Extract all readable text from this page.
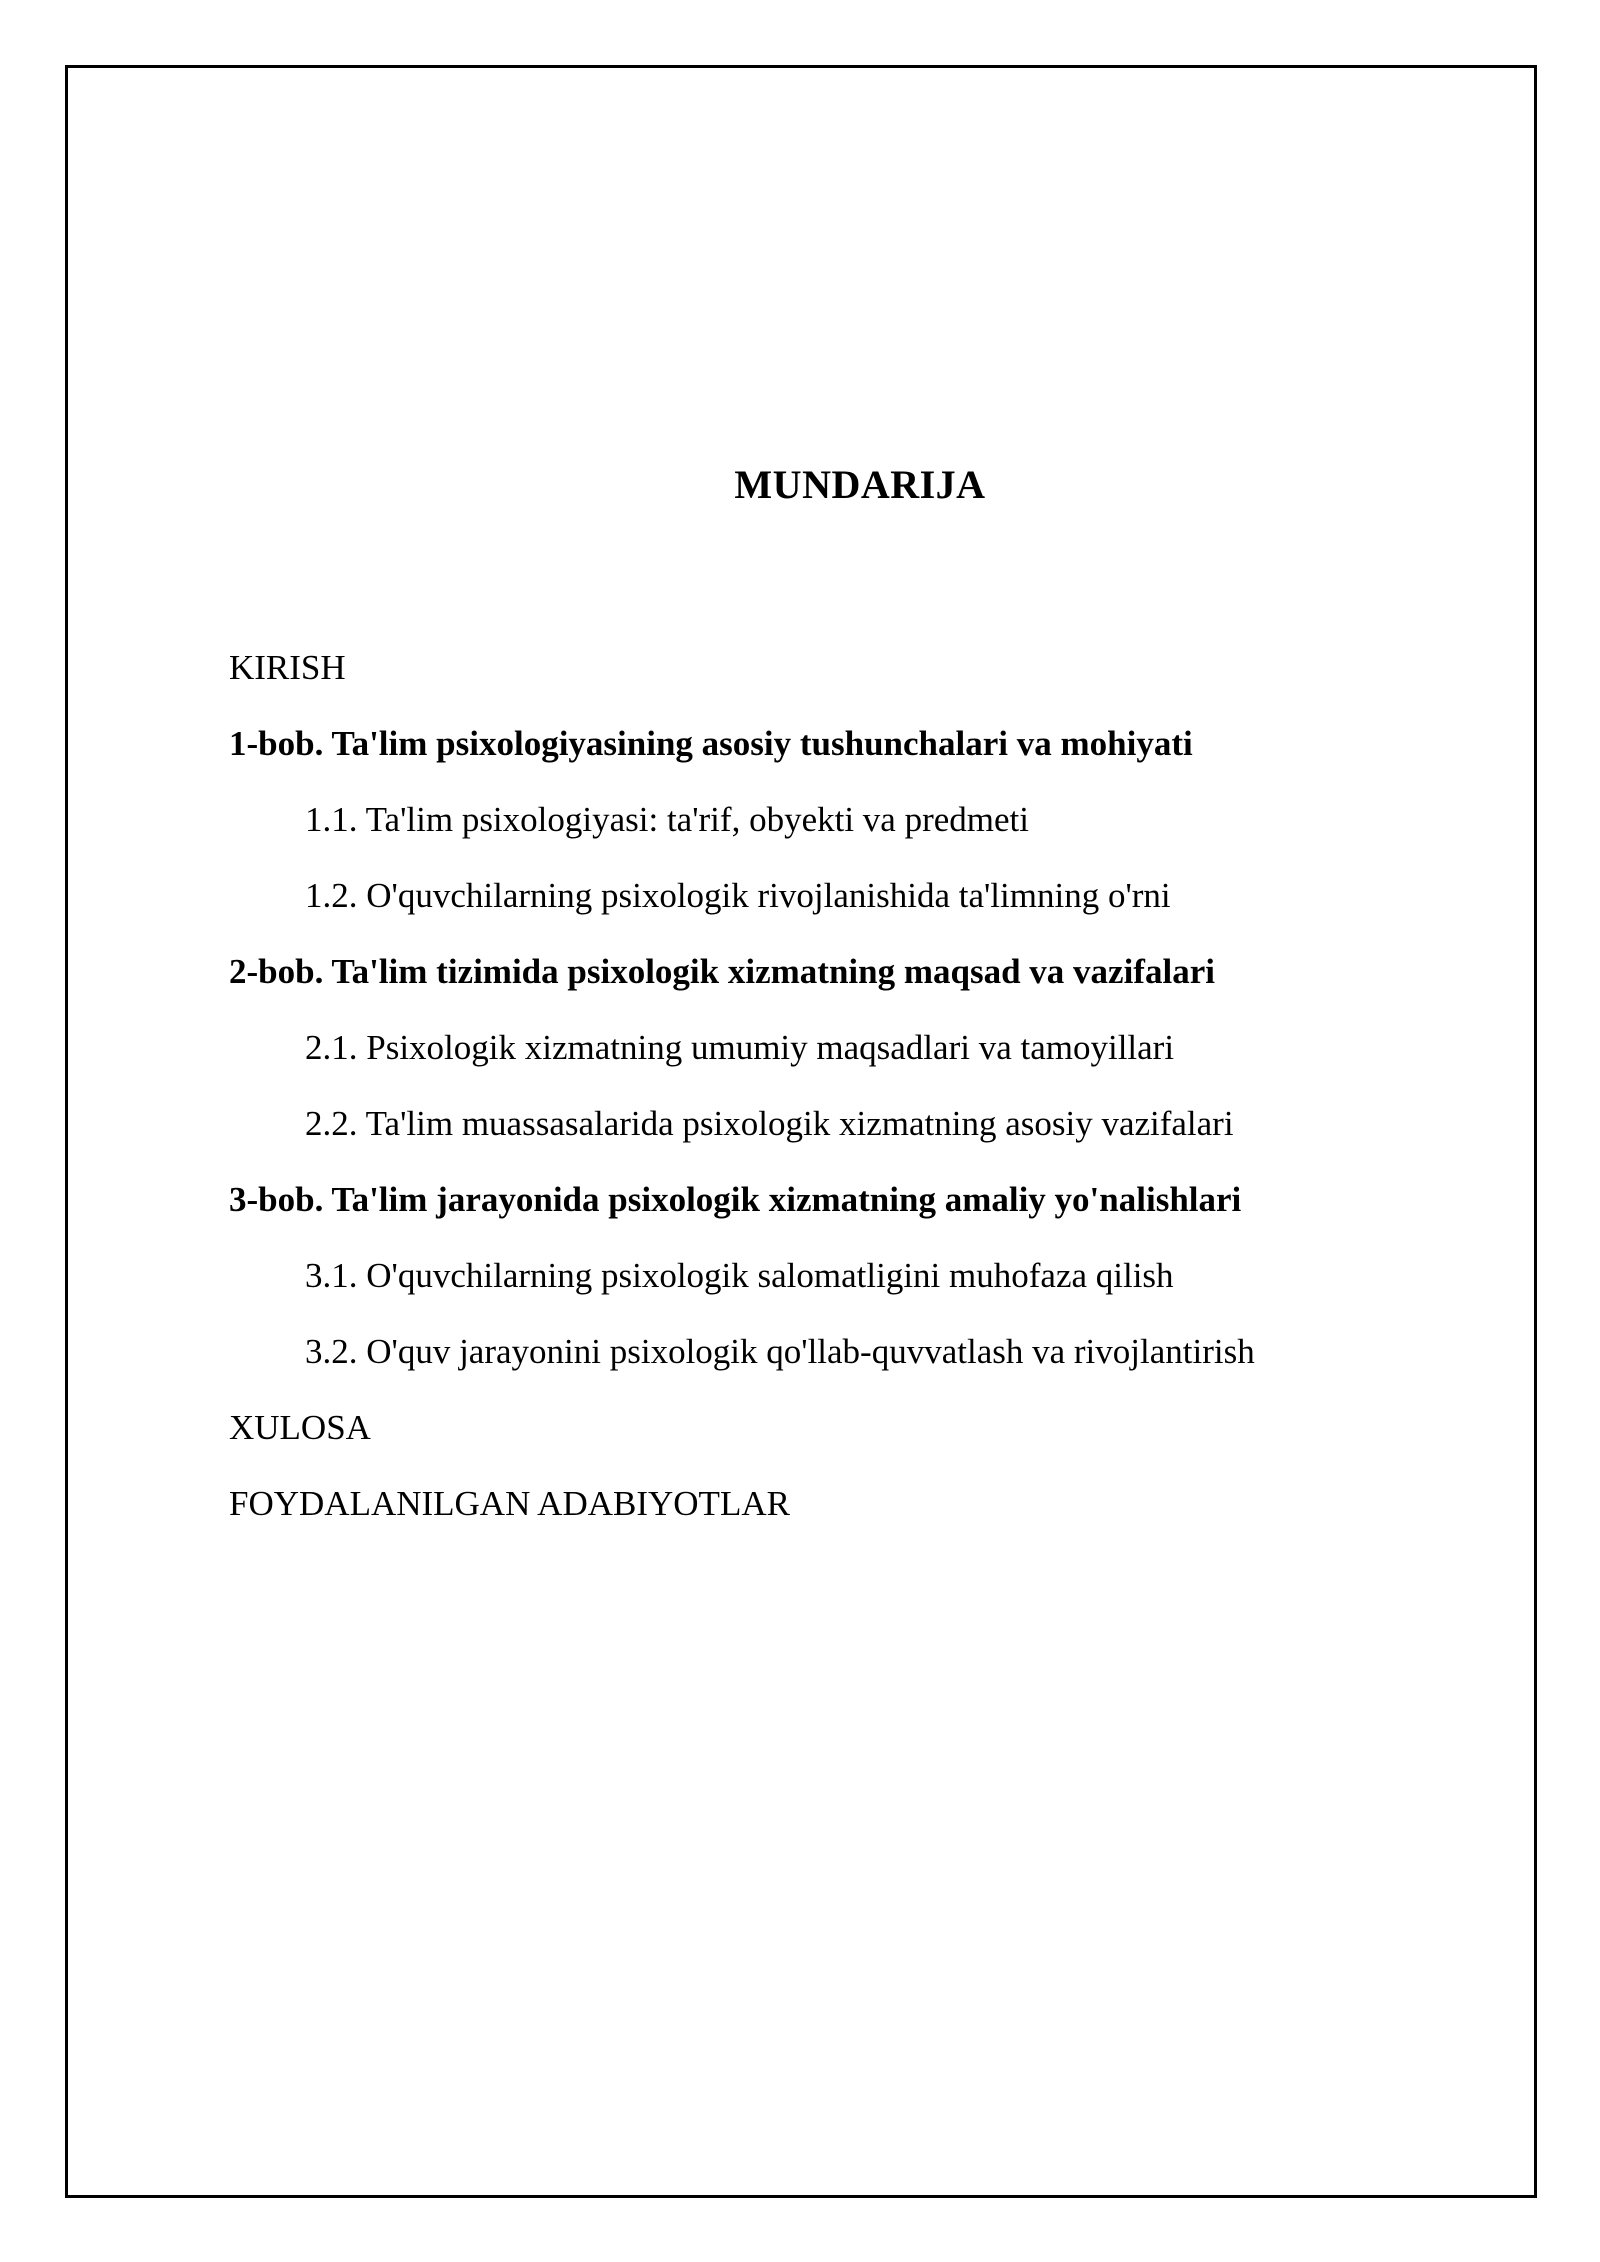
MUNDARIJA
KIRISH
1-bob. Ta'lim psixologiyasining asosiy tushunchalari va mohiyati
1.1. Ta'lim psixologiyasi: ta'rif, obyekti va predmeti
1.2. O'quvchilarning psixologik rivojlanishida ta'limning o'rni
2-bob. Ta'lim tizimida psixologik xizmatning maqsad va vazifalari
2.1. Psixologik xizmatning umumiy maqsadlari va tamoyillari
2.2. Ta'lim muassasalarida psixologik xizmatning asosiy vazifalari
3-bob. Ta'lim jarayonida psixologik xizmatning amaliy yo'nalishlari
3.1. O'quvchilarning psixologik salomatligini muhofaza qilish
3.2. O'quv jarayonini psixologik qo'llab-quvvatlash va rivojlantirish
XULOSA
FOYDALANILGAN ADABIYOTLAR
